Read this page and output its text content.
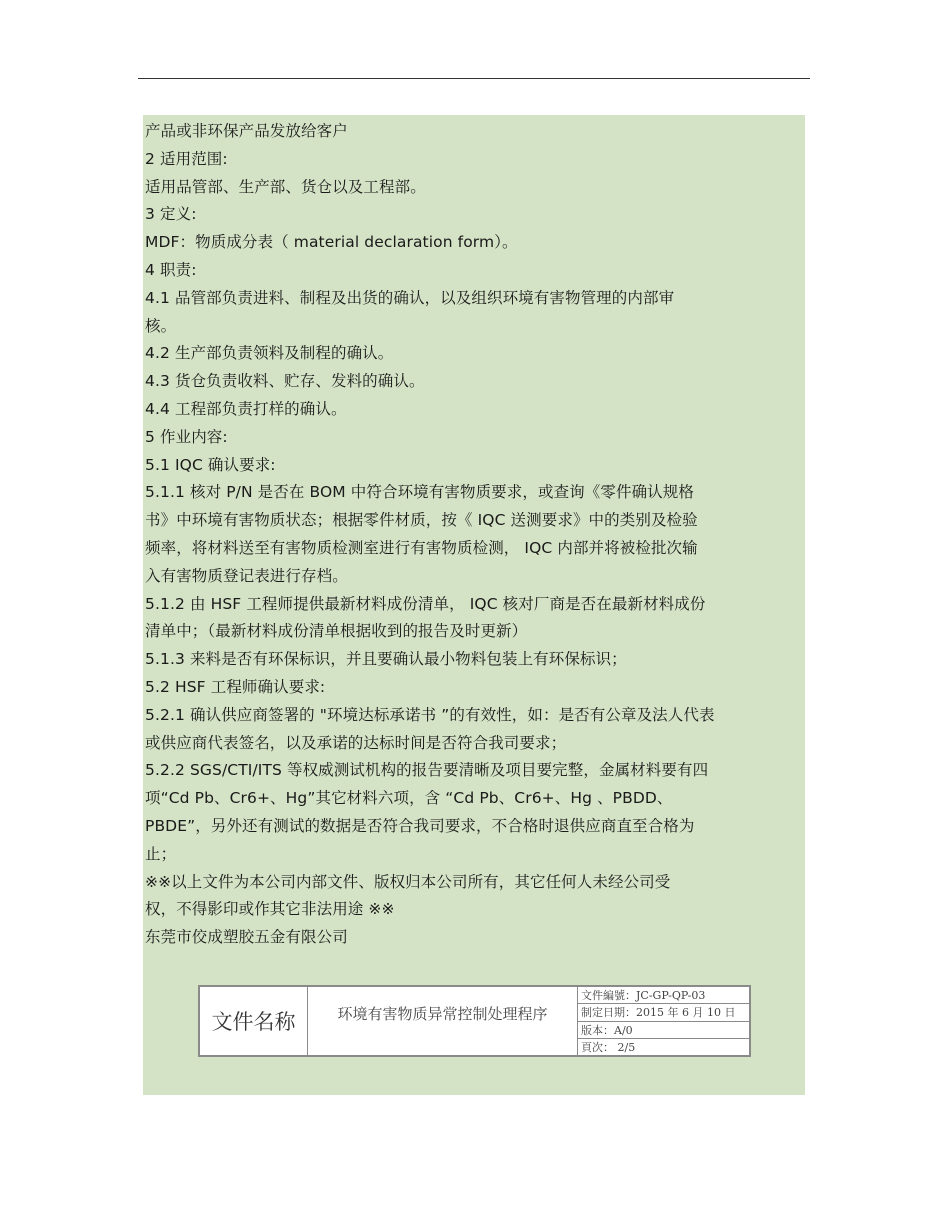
产品或非环保产品发放给客户
2 适用范围:
适用品管部、生产部、货仓以及工程部。
3 定义:
MDF：物质成分表（ material declaration form）。
4 职责:
4.1 品管部负责进料、制程及出货的确认，以及组织环境有害物管理的内部审
核。
4.2 生产部负责领料及制程的确认。
4.3 货仓负责收料、贮存、发料的确认。
4.4 工程部负责打样的确认。
5 作业内容:
5.1 IQC 确认要求:
5.1.1 核对 P/N 是否在 BOM 中符合环境有害物质要求，或查询《零件确认规格
书》中环境有害物质状态；根据零件材质，按《 IQC 送测要求》中的类别及检验
频率，将材料送至有害物质检测室进行有害物质检测， IQC 内部并将被检批次输
入有害物质登记表进行存档。
5.1.2 由 HSF 工程师提供最新材料成份清单， IQC 核对厂商是否在最新材料成份
清单中；（最新材料成份清单根据收到的报告及时更新）
5.1.3 来料是否有环保标识，并且要确认最小物料包装上有环保标识；
5.2 HSF 工程师确认要求:
5.2.1 确认供应商签署的 "环境达标承诺书 ”的有效性，如：是否有公章及法人代表
或供应商代表签名，以及承诺的达标时间是否符合我司要求；
5.2.2 SGS/CTI/ITS 等权威测试机构的报告要清晰及项目要完整，金属材料要有四
项“Cd Pb、Cr6+、Hg”其它材料六项，含 “Cd Pb、Cr6+、Hg 、PBDD、
PBDE”，另外还有测试的数据是否符合我司要求，不合格时退供应商直至合格为
止；
※※以上文件为本公司内部文件、版权归本公司所有，其它任何人未经公司受
权，不得影印或作其它非法用途 ※※
东莞市佼成塑胶五金有限公司
文件名称	环境有害物质异常控制处理程序
文件編號：JC-GP-QP-03
制定日期：2015 年 6 月 10 日
版本：A/0
頁次： 2/5
